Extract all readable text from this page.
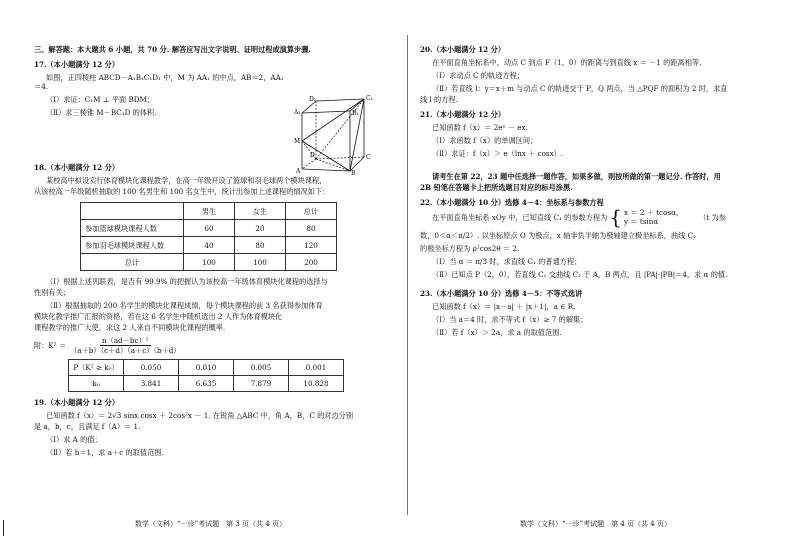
三、解答题：本大题共 6 小题，共 70 分. 解答应写出文字说明、证明过程或演算步骤.
17.（本小题满分 12 分）

如图，正四棱柱 ABCD－A₁B₁C₁D₁ 中，M 为 AA₁ 的中点，AB＝2，AA₁＝4.

（Ⅰ）求证：C₁M ⊥ 平面 BDM；

（Ⅱ）求三棱锥 M－BC₁D 的体积.

D₁	C₁
A₁	B₁
M
D	C
A	B
18.（本小题满分 12 分）

某校高中拟设实行体育模块化课程教学，在高一年级开设了篮球和羽毛球两个模块课程，

从该校高一年级随机抽取的 100 名男生和 100 名女生中，统计出参加上述课程的情况如下：

	男生	女生	总计
参加篮球模块课程人数	60	20	80
参加羽毛球模块课程人数	40	80	120
总计	100	100	200

（Ⅰ）根据上述列联表，是否有 99.9% 的把握认为该校高一年级体育模块化课程的选择与

性别有关；

（Ⅱ）根据抽取的 200 名学生的模块化课程成绩，每个模块课程的前 3 名获得参加体育

模块化教学推广汇报的资格，若在这 6 名学生中随机选出 2 人作为体育模块化

课程教学的推广大使，求这 2 人来自不同模块化课程的概率.

附：$K^2 = \frac{\text{n（ad－bc）²}}{(a+b)(c+d)(a+c)(b+d)}$
P（K² ≥ k₀）	0.050	0.010	0.005	0.001
k₀	3.841	6.635	7.879	10.828
19.（本小题满分 12 分）

已知函数 f（x）＝ 2√3 sinx cosx ＋ 2cos²x － 1. 在锐角 △ABC 中，角 A，B，C 的对边分别

是 a，b，c，且满足 f（A）＝ 1.

（Ⅰ）求 A 的值；

（Ⅱ）若 b＝1，求 a＋c 的取值范围.

数学（文科）“一诊”考试题　第 3 页（共 4 页）
20.（本小题满分 12 分）

在平面直角坐标系中，动点 C 到点 F（1，0）的距离与到直线 x ＝ －1 的距离相等.

（Ⅰ）求动点 C 的轨迹方程；

（Ⅱ）若直线 l：y＝x＋m 与动点 C 的轨迹交于 P，Q 两点，当 △PQF 的面积为 2 时，求直

线 l 的方程.

21.（本小题满分 12 分）

已知函数 f（x）＝ 2eˣ － ex.

（Ⅰ）求函数 f（x）的单调区间；

（Ⅱ）求证：f（x）＞ e（lnx ＋ cosx）.

请考生在第 22，23 题中任选择一题作答，如果多做，则按所做的第一题记分. 作答时，用

2B 铅笔在答题卡上把所选题目对应的标号涂黑.

22.（本小题满分 10 分）选修 4－4：坐标系与参数方程
在平面直角坐标系 xOy 中，已知直线 C₁ 的参数方程为 { x ＝ 2 ＋ tcosα，
y ＝ tsinα	（t 为参

数，0＜α＜π/2）. 以坐标原点 O 为极点，x 轴非负半轴为极轴建立极坐标系，曲线 C₂

的极坐标方程为 ρ²cos2θ ＝ 2.

（Ⅰ）当 α ＝ π/3 时，求直线 C₁ 的普通方程；

（Ⅱ）已知点 P（2，0），若直线 C₁ 交曲线 C₂ 于 A，B 两点，且 |PA|·|PB|＝4，求 α 的值.

23.（本小题满分 10 分）选修 4－5：不等式选讲

已知函数 f（x）＝ |x－a| ＋ |x＋1|，a ∈ R.

（Ⅰ）当 a＝4 时，求不等式 f（x）≥ 7 的解集；

（Ⅱ）若 f（x）＞ 2a，求 a 的取值范围.

数学（文科）“一诊”考试题　第 4 页（共 4 页）
